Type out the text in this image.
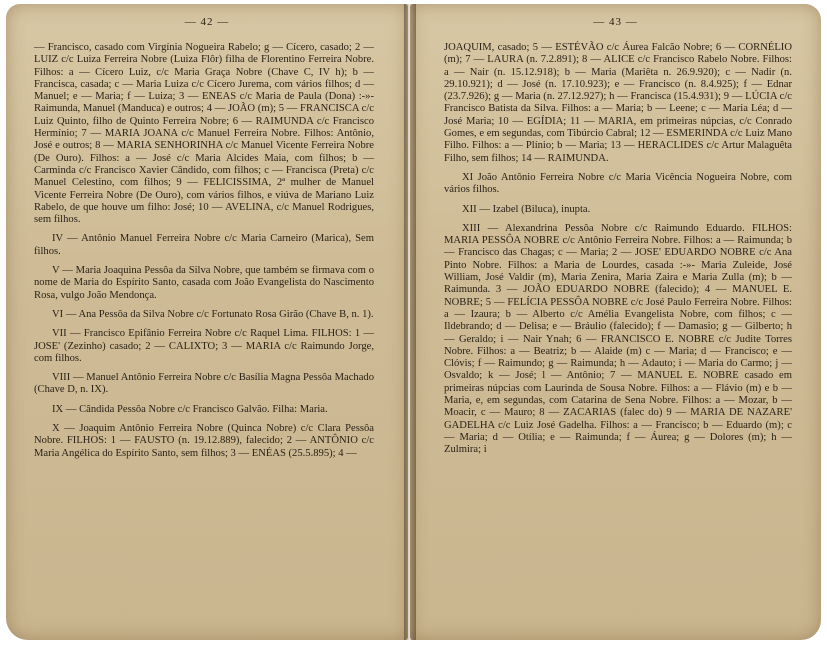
— 42 —

— Francisco, casado com Virgínia Nogueira Rabelo; g — Cícero, casado; 2 — LUIZ c/c Luiza Ferreira Nobre (Luiza Flôr) filha de Florentino Ferreira Nobre. Filhos: a — Cícero Luiz, c/c Maria Graça Nobre (Chave C, IV h); b — Francisca, casada; c — Maria Luiza c/c Cícero Jurema, com vários filhos; d — Manuel; e — Maria; f — Luiza; 3 — ENEAS c/c Maria de Paula (Dona) :-»- Raimunda, Manuel (Manduca) e outros; 4 — JOÃO (m); 5 — FRANCISCA c/c Luiz Quinto, filho de Quinto Ferreira Nobre; 6 — RAIMUNDA c/c Francisco Hermínio; 7 — MARIA JOANA c/c Manuel Ferreira Nobre. Filhos: Antônio, José e outros; 8 — MARIA SENHORINHA c/c Manuel Vicente Ferreira Nobre (De Ouro). Filhos: a — José c/c Maria Alcides Maia, com filhos; b — Carminda c/c Francisco Xavier Cândido, com filhos; c — Francisca (Preta) c/c Manuel Celestino, com filhos; 9 — FELICISSIMA, 2ª mulher de Manuel Vicente Ferreira Nobre (De Ouro), com vários filhos, e viúva de Mariano Luiz Rabelo, de que houve um filho: José; 10 — AVELINA, c/c Manuel Rodrigues, sem filhos.

IV — Antônio Manuel Ferreira Nobre c/c Maria Carneiro (Marica), Sem filhos.

V — Maria Joaquina Pessôa da Silva Nobre, que também se firmava com o nome de Maria do Espírito Santo, casada com João Evangelista do Nascimento Rosa, vulgo João Mendonça.

VI — Ana Pessôa da Silva Nobre c/c Fortunato Rosa Girão (Chave B, n. 1).

VII — Francisco Epifânio Ferreira Nobre c/c Raquel Lima. FILHOS: 1 — JOSE' (Zezinho) casado; 2 — CALIXTO; 3 — MARIA c/c Raimundo Jorge, com filhos.

VIII — Manuel Antônio Ferreira Nobre c/c Basília Magna Pessôa Machado (Chave D, n. IX).

IX — Cândida Pessôa Nobre c/c Francisco Galvão. Filha: Maria.

X — Joaquim Antônio Ferreira Nobre (Quinca Nobre) c/c Clara Pessôa Nobre. FILHOS: 1 — FAUSTO (n. 19.12.889), falecido; 2 — ANTÔNIO c/c Maria Angélica do Espírito Santo, sem filhos; 3 — ENÉAS (25.5.895); 4 —

— 43 —

JOAQUIM, casado; 5 — ESTÉVÃO c/c Áurea Falcão Nobre; 6 — CORNÉLIO (m); 7 — LAURA (n. 7.2.891); 8 — ALICE c/c Francisco Rabelo Nobre. Filhos: a — Nair (n. 15.12.918); b — Maria (Mariêta n. 26.9.920); c — Nadir (n. 29.10.921); d — José (n. 17.10.923); e — Francisco (n. 8.4.925); f — Ednar (23.7.926); g — Maria (n. 27.12.927); h — Francisca (15.4.931); 9 — LÚCIA c/c Francisco Batista da Silva. Filhos: a — Maria; b — Leene; c — Maria Léa; d — José Maria; 10 — EGÍDIA; 11 — MARIA, em primeiras núpcias, c/c Conrado Gomes, e em segundas, com Tibúrcio Cabral; 12 — ESMERINDA c/c Luiz Mano Filho. Filhos: a — Plínio; b — Maria; 13 — HERACLIDES c/c Artur Malaguêta Filho, sem filhos; 14 — RAIMUNDA.

XI João Antônio Ferreira Nobre c/c Maria Vicência Nogueira Nobre, com vários filhos.

XII — Izabel (Biluca), inupta.

XIII — Alexandrina Pessôa Nobre c/c Raimundo Eduardo. FILHOS: MARIA PESSÔA NOBRE c/c Antônio Ferreira Nobre. Filhos: a — Raimunda; b — Francisco das Chagas; c — Maria; 2 — JOSE' EDUARDO NOBRE c/c Ana Pinto Nobre. Filhos: a Maria de Lourdes, casada :-»- Maria Zuleide, José William, José Valdir (m), Maria Zenira, Maria Zaira e Maria Zulla (m); b — Raimunda. 3 — JOÃO EDUARDO NOBRE (falecido); 4 — MANUEL E. NOBRE; 5 — FELÍCIA PESSÔA NOBRE c/c José Paulo Ferreira Nobre. Filhos: a — Izaura; b — Alberto c/c Amélia Evangelista Nobre, com filhos; c — Ildebrando; d — Delisa; e — Bráulio (falecido); f — Damasio; g — Gilberto; h — Geraldo; i — Nair Ynah; 6 — FRANCISCO E. NOBRE c/c Judite Torres Nobre. Filhos: a — Beatriz; b — Alaide (m) c — Maria; d — Francisco; e — Clóvis; f — Raimundo; g — Raimunda; h — Adauto; i — Maria do Carmo; j — Osvaldo; k — José; l — Antônio; 7 — MANUEL E. NOBRE casado em primeiras núpcias com Laurinda de Sousa Nobre. Filhos: a — Flávio (m) e b — Maria, e, em segundas, com Catarina de Sena Nobre. Filhos: a — Mozar, b — Moacir, c — Mauro; 8 — ZACARIAS (falec do) 9 — MARIA DE NAZARE' GADELHA c/c Luiz José Gadelha. Filhos: a — Francisco; b — Eduardo (m); c — Maria; d — Otília; e — Raimunda; f — Áurea; g — Dolores (m); h — Zulmira; i
